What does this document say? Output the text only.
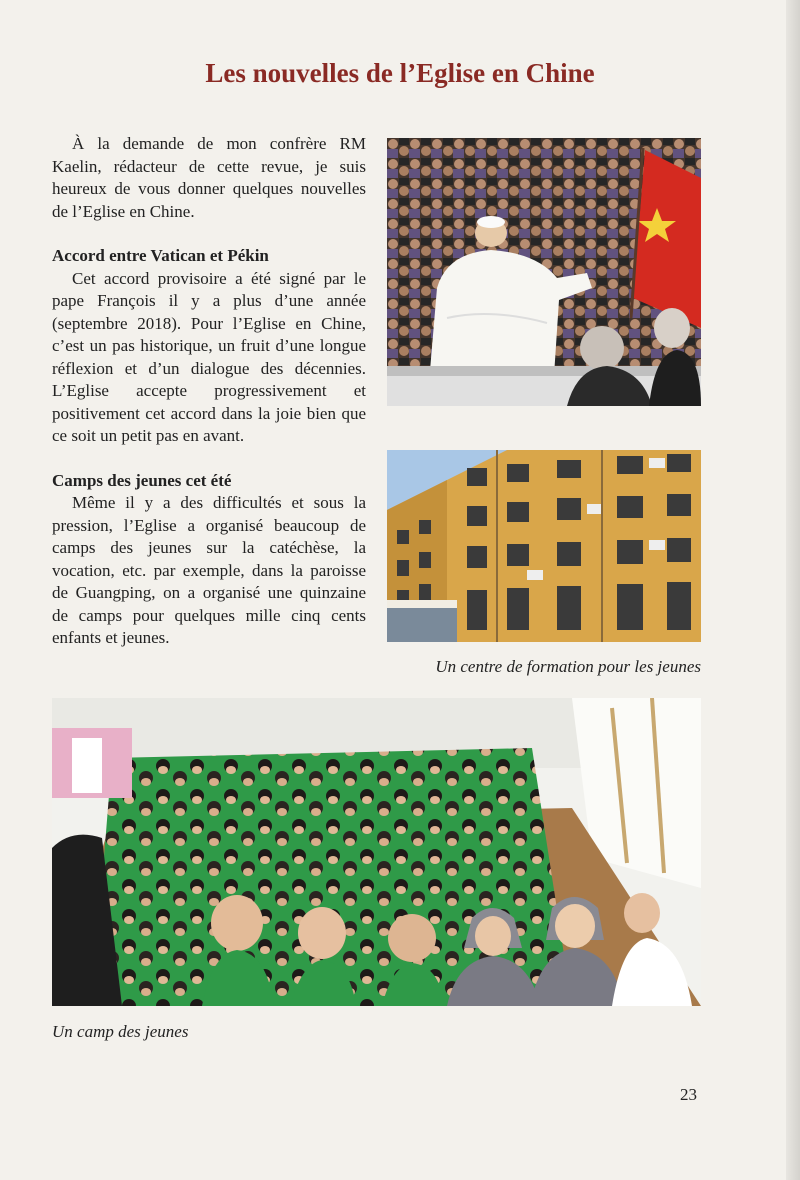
Les nouvelles de l’Eglise en Chine

À la demande de mon confrère RM Kaelin, rédacteur de cette revue, je suis heureux de vous donner quelques nouvelles de l’Eglise en Chine.

Accord entre Vatican et Pékin

Cet accord provisoire a été signé par le pape François il y a plus d’une année (septembre 2018). Pour l’Eglise en Chine, c’est un pas historique, un fruit d’une longue réflexion et d’un dialogue des décennies. L’Eglise accepte progressivement et positivement cet accord dans la joie bien que ce soit un petit pas en avant.

Camps des jeunes cet été

Même il y a des difficultés et sous la pression, l’Eglise a organisé beaucoup de camps des jeunes sur la catéchèse, la vocation, etc. par exemple, dans la paroisse de Guangping, on a organisé une quinzaine de camps pour quelques mille cinq cents enfants et jeunes.

Un centre de formation pour les jeunes

Un camp des jeunes

23
